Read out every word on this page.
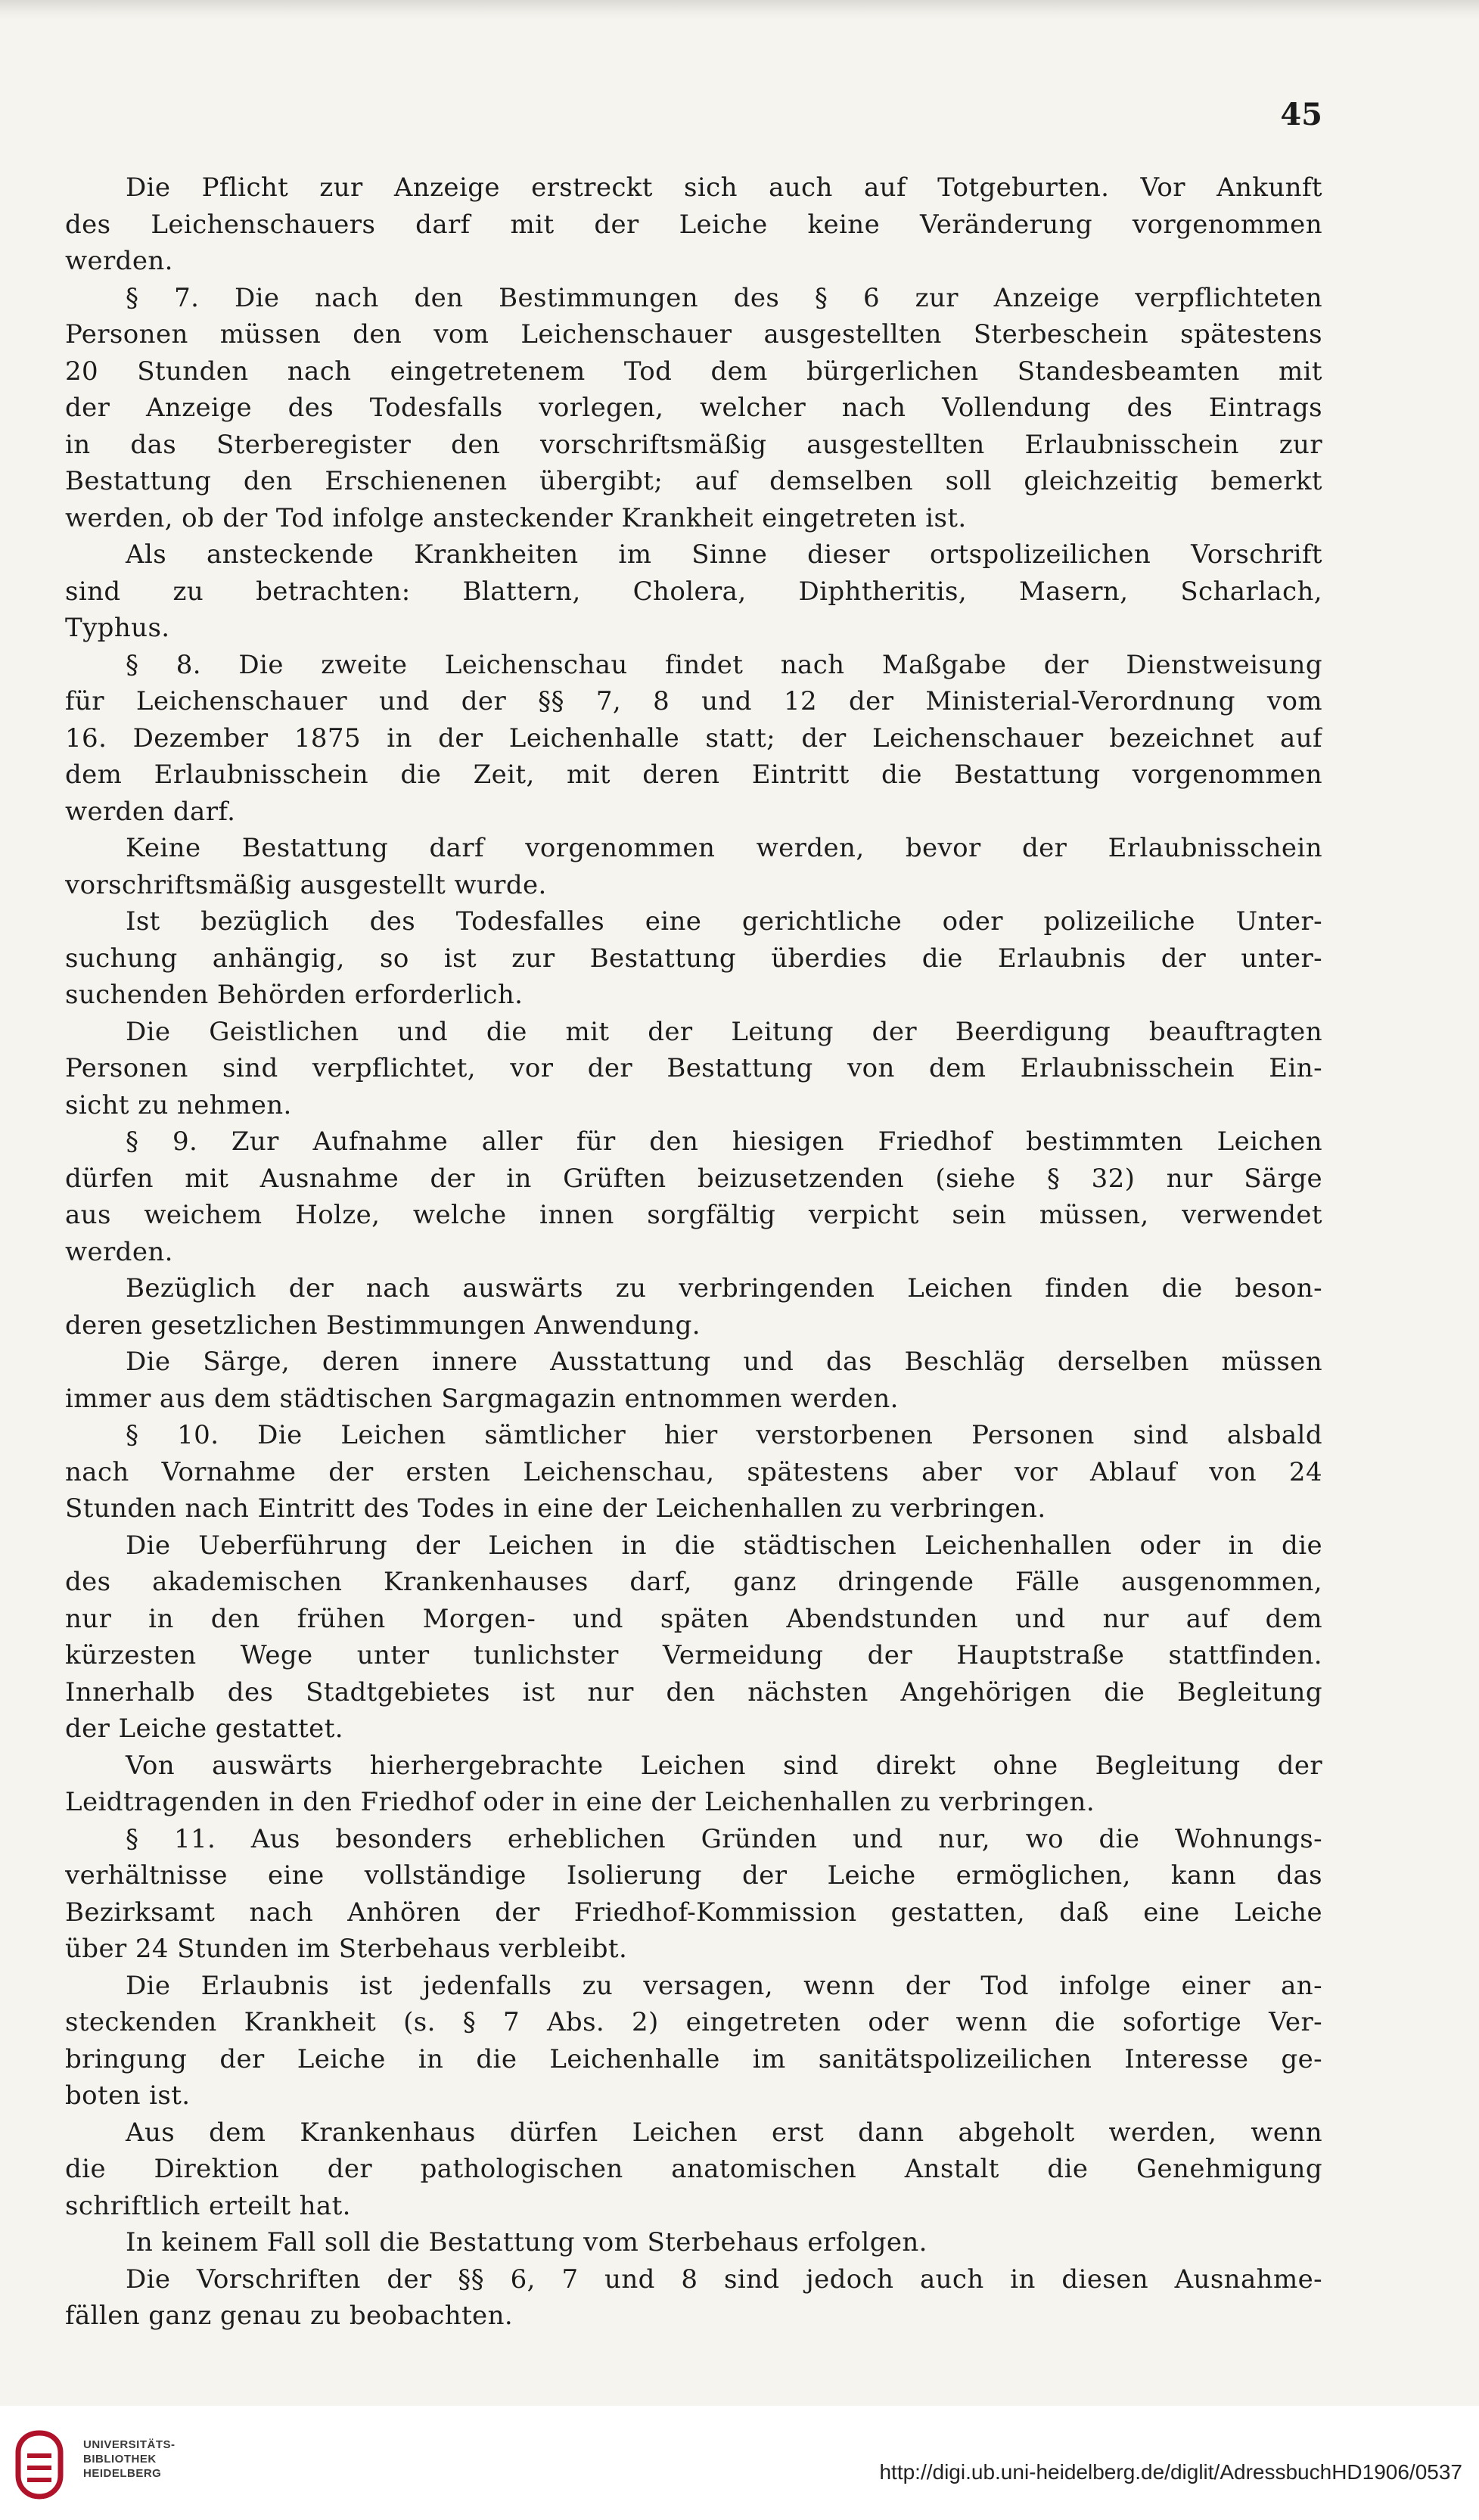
45
Die Pflicht zur Anzeige erstreckt sich auch auf Totgeburten. Vor Ankunft
des Leichenschauers darf mit der Leiche keine Veränderung vorgenommen
werden.
§ 7. Die nach den Bestimmungen des § 6 zur Anzeige verpflichteten
Personen müssen den vom Leichenschauer ausgestellten Sterbeschein spätestens
20 Stunden nach eingetretenem Tod dem bürgerlichen Standesbeamten mit
der Anzeige des Todesfalls vorlegen, welcher nach Vollendung des Eintrags
in das Sterberegister den vorschriftsmäßig ausgestellten Erlaubnisschein zur
Bestattung den Erschienenen übergibt; auf demselben soll gleichzeitig bemerkt
werden, ob der Tod infolge ansteckender Krankheit eingetreten ist.
Als ansteckende Krankheiten im Sinne dieser ortspolizeilichen Vorschrift
sind zu betrachten: Blattern, Cholera, Diphtheritis, Masern, Scharlach,
Typhus.
§ 8. Die zweite Leichenschau findet nach Maßgabe der Dienstweisung
für Leichenschauer und der §§ 7, 8 und 12 der Ministerial-Verordnung vom
16. Dezember 1875 in der Leichenhalle statt; der Leichenschauer bezeichnet auf
dem Erlaubnisschein die Zeit, mit deren Eintritt die Bestattung vorgenommen
werden darf.
Keine Bestattung darf vorgenommen werden, bevor der Erlaubnisschein
vorschriftsmäßig ausgestellt wurde.
Ist bezüglich des Todesfalles eine gerichtliche oder polizeiliche Unter-
suchung anhängig, so ist zur Bestattung überdies die Erlaubnis der unter-
suchenden Behörden erforderlich.
Die Geistlichen und die mit der Leitung der Beerdigung beauftragten
Personen sind verpflichtet, vor der Bestattung von dem Erlaubnisschein Ein-
sicht zu nehmen.
§ 9. Zur Aufnahme aller für den hiesigen Friedhof bestimmten Leichen
dürfen mit Ausnahme der in Grüften beizusetzenden (siehe § 32) nur Särge
aus weichem Holze, welche innen sorgfältig verpicht sein müssen, verwendet
werden.
Bezüglich der nach auswärts zu verbringenden Leichen finden die beson-
deren gesetzlichen Bestimmungen Anwendung.
Die Särge, deren innere Ausstattung und das Beschläg derselben müssen
immer aus dem städtischen Sargmagazin entnommen werden.
§ 10. Die Leichen sämtlicher hier verstorbenen Personen sind alsbald
nach Vornahme der ersten Leichenschau, spätestens aber vor Ablauf von 24
Stunden nach Eintritt des Todes in eine der Leichenhallen zu verbringen.
Die Ueberführung der Leichen in die städtischen Leichenhallen oder in die
des akademischen Krankenhauses darf, ganz dringende Fälle ausgenommen,
nur in den frühen Morgen- und späten Abendstunden und nur auf dem
kürzesten Wege unter tunlichster Vermeidung der Hauptstraße stattfinden.
Innerhalb des Stadtgebietes ist nur den nächsten Angehörigen die Begleitung
der Leiche gestattet.
Von auswärts hierhergebrachte Leichen sind direkt ohne Begleitung der
Leidtragenden in den Friedhof oder in eine der Leichenhallen zu verbringen.
§ 11. Aus besonders erheblichen Gründen und nur, wo die Wohnungs-
verhältnisse eine vollständige Isolierung der Leiche ermöglichen, kann das
Bezirksamt nach Anhören der Friedhof-Kommission gestatten, daß eine Leiche
über 24 Stunden im Sterbehaus verbleibt.
Die Erlaubnis ist jedenfalls zu versagen, wenn der Tod infolge einer an-
steckenden Krankheit (s. § 7 Abs. 2) eingetreten oder wenn die sofortige Ver-
bringung der Leiche in die Leichenhalle im sanitätspolizeilichen Interesse ge-
boten ist.
Aus dem Krankenhaus dürfen Leichen erst dann abgeholt werden, wenn
die Direktion der pathologischen anatomischen Anstalt die Genehmigung
schriftlich erteilt hat.
In keinem Fall soll die Bestattung vom Sterbehaus erfolgen.
Die Vorschriften der §§ 6, 7 und 8 sind jedoch auch in diesen Ausnahme-
fällen ganz genau zu beobachten.
UNIVERSITÄTS-
BIBLIOTHEK
HEIDELBERG	http://digi.ub.uni-heidelberg.de/diglit/AdressbuchHD1906/0537
